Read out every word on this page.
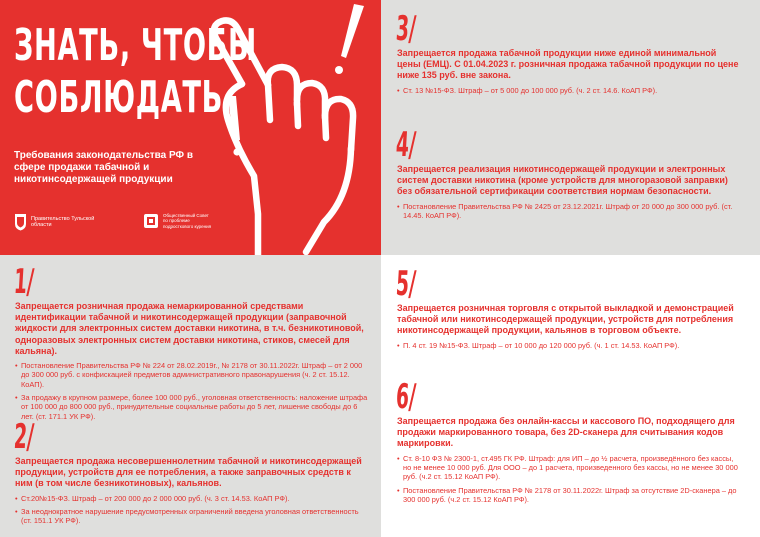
ЗНАТЬ, ЧТОБЫ
СОБЛЮДАТЬ
Требования законодательства РФ в сфере продажи табачной и никотинсодержащей продукции
Правительство Тульской области
Общественный Совет по проблеме подросткового курения
3/
Запрещается продажа табачной продукции ниже единой минимальной цены (ЕМЦ). С 01.04.2023 г. розничная продажа табачной продукции по цене ниже 135 руб. вне закона.
• Ст. 13 №15-ФЗ. Штраф – от 5 000 до 100 000 руб. (ч. 2 ст. 14.6. КоАП РФ).
4/
Запрещается реализация никотинсодержащей продукции и электронных систем доставки никотина (кроме устройств для многоразовой заправки) без обязательной сертификации соответствия нормам безопасности.
• Постановление Правительства РФ № 2425 от 23.12.2021г. Штраф от 20 000 до 300 000 руб. (ст. 14.45. КоАП РФ).
1/
Запрещается розничная продажа немаркированной средствами идентификации табачной и никотинсодержащей продукции (заправочной жидкости для электронных систем доставки никотина, в т.ч. безникотиновой, одноразовых электронных систем доставки никотина, стиков, смесей для кальяна).
• Постановление Правительства РФ № 224 от 28.02.2019г., № 2178 от 30.11.2022г. Штраф – от 2 000 до 300 000 руб. с конфискацией предметов административного правонарушения (ч. 2 ст. 15.12. КоАП).
• За продажу в крупном размере, более 100 000 руб., уголовная ответственность: наложение штрафа от 100 000 до 800 000 руб., принудительные социальные работы до 5 лет, лишение свободы до 6 лет. (ст. 171.1 УК РФ).
2/
Запрещается продажа несовершеннолетним табачной и никотинсодержащей продукции, устройств для ее потребления, а также заправочных средств к ним (в том числе безникотиновых), кальянов.
• Ст.20№15-ФЗ. Штраф – от 200 000 до 2 000 000 руб. (ч. 3 ст. 14.53. КоАП РФ).
• За неоднократное нарушение предусмотренных ограничений введена уголовная ответственность (ст. 151.1 УК РФ).
5/
Запрещается розничная торговля с открытой выкладкой и демонстрацией табачной или никотинсодержащей продукции, устройств для потребления никотинсодержащей продукции, кальянов в торговом объекте.
• П. 4 ст. 19 №15-ФЗ. Штраф – от 10 000 до 120 000 руб. (ч. 1 ст. 14.53. КоАП РФ).
6/
Запрещается продажа без онлайн-кассы и кассового ПО, подходящего для продажи маркированного товара, без 2D-сканера для считывания кодов маркировки.
• Ст. 8-10 ФЗ № 2300-1, ст.495 ГК РФ. Штраф: для ИП – до ½ расчета, произведённого без кассы, но не менее 10 000 руб. Для ООО – до 1 расчета, произведенного без кассы, но не менее 30 000 руб. (ч.2 ст. 15.12 КоАП РФ).
• Постановление Правительства РФ № 2178 от 30.11.2022г. Штраф за отсутствие 2D-сканера – до 300 000 руб. (ч.2 ст. 15.12 КоАП РФ).
